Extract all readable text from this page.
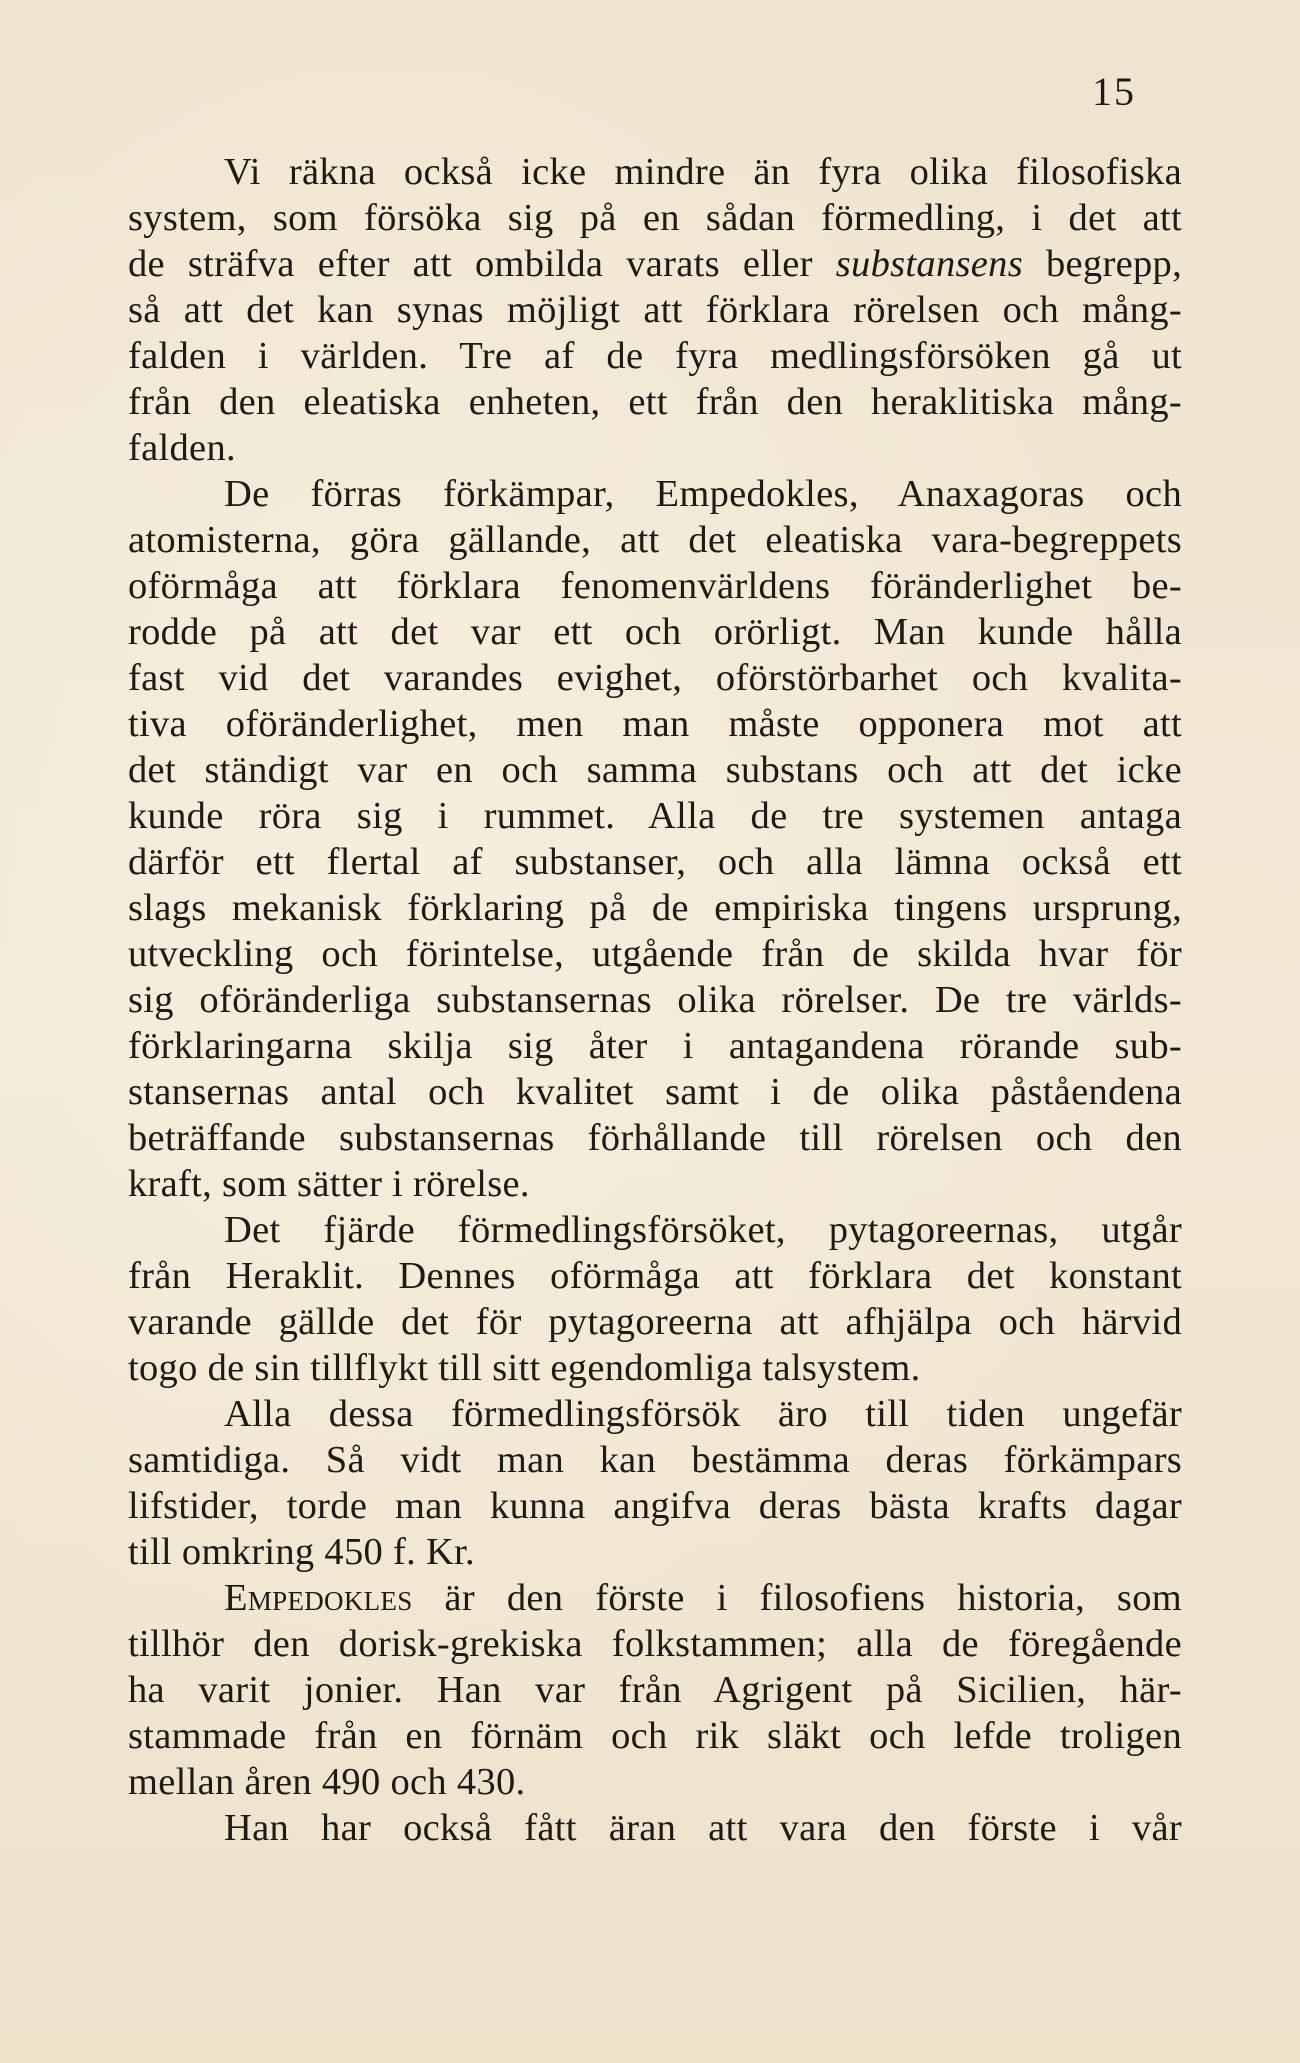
15
Vi räkna också icke mindre än fyra olika filosofiska
system, som försöka sig på en sådan förmedling, i det att
de sträfva efter att ombilda varats eller substansens begrepp,
så att det kan synas möjligt att förklara rörelsen och mång-
falden i världen. Tre af de fyra medlingsförsöken gå ut
från den eleatiska enheten, ett från den heraklitiska mång-
falden.
De förras förkämpar, Empedokles, Anaxagoras och
atomisterna, göra gällande, att det eleatiska vara-begreppets
oförmåga att förklara fenomenvärldens föränderlighet be-
rodde på att det var ett och orörligt. Man kunde hålla
fast vid det varandes evighet, oförstörbarhet och kvalita-
tiva oföränderlighet, men man måste opponera mot att
det ständigt var en och samma substans och att det icke
kunde röra sig i rummet. Alla de tre systemen antaga
därför ett flertal af substanser, och alla lämna också ett
slags mekanisk förklaring på de empiriska tingens ursprung,
utveckling och förintelse, utgående från de skilda hvar för
sig oföränderliga substansernas olika rörelser. De tre världs-
förklaringarna skilja sig åter i antagandena rörande sub-
stansernas antal och kvalitet samt i de olika påståendena
beträffande substansernas förhållande till rörelsen och den
kraft, som sätter i rörelse.
Det fjärde förmedlingsförsöket, pytagoreernas, utgår
från Heraklit. Dennes oförmåga att förklara det konstant
varande gällde det för pytagoreerna att afhjälpa och härvid
togo de sin tillflykt till sitt egendomliga talsystem.
Alla dessa förmedlingsförsök äro till tiden ungefär
samtidiga. Så vidt man kan bestämma deras förkämpars
lifstider, torde man kunna angifva deras bästa krafts dagar
till omkring 450 f. Kr.
Empedokles är den förste i filosofiens historia, som
tillhör den dorisk-grekiska folkstammen; alla de föregående
ha varit jonier. Han var från Agrigent på Sicilien, här-
stammade från en förnäm och rik släkt och lefde troligen
mellan åren 490 och 430.
Han har också fått äran att vara den förste i vår
